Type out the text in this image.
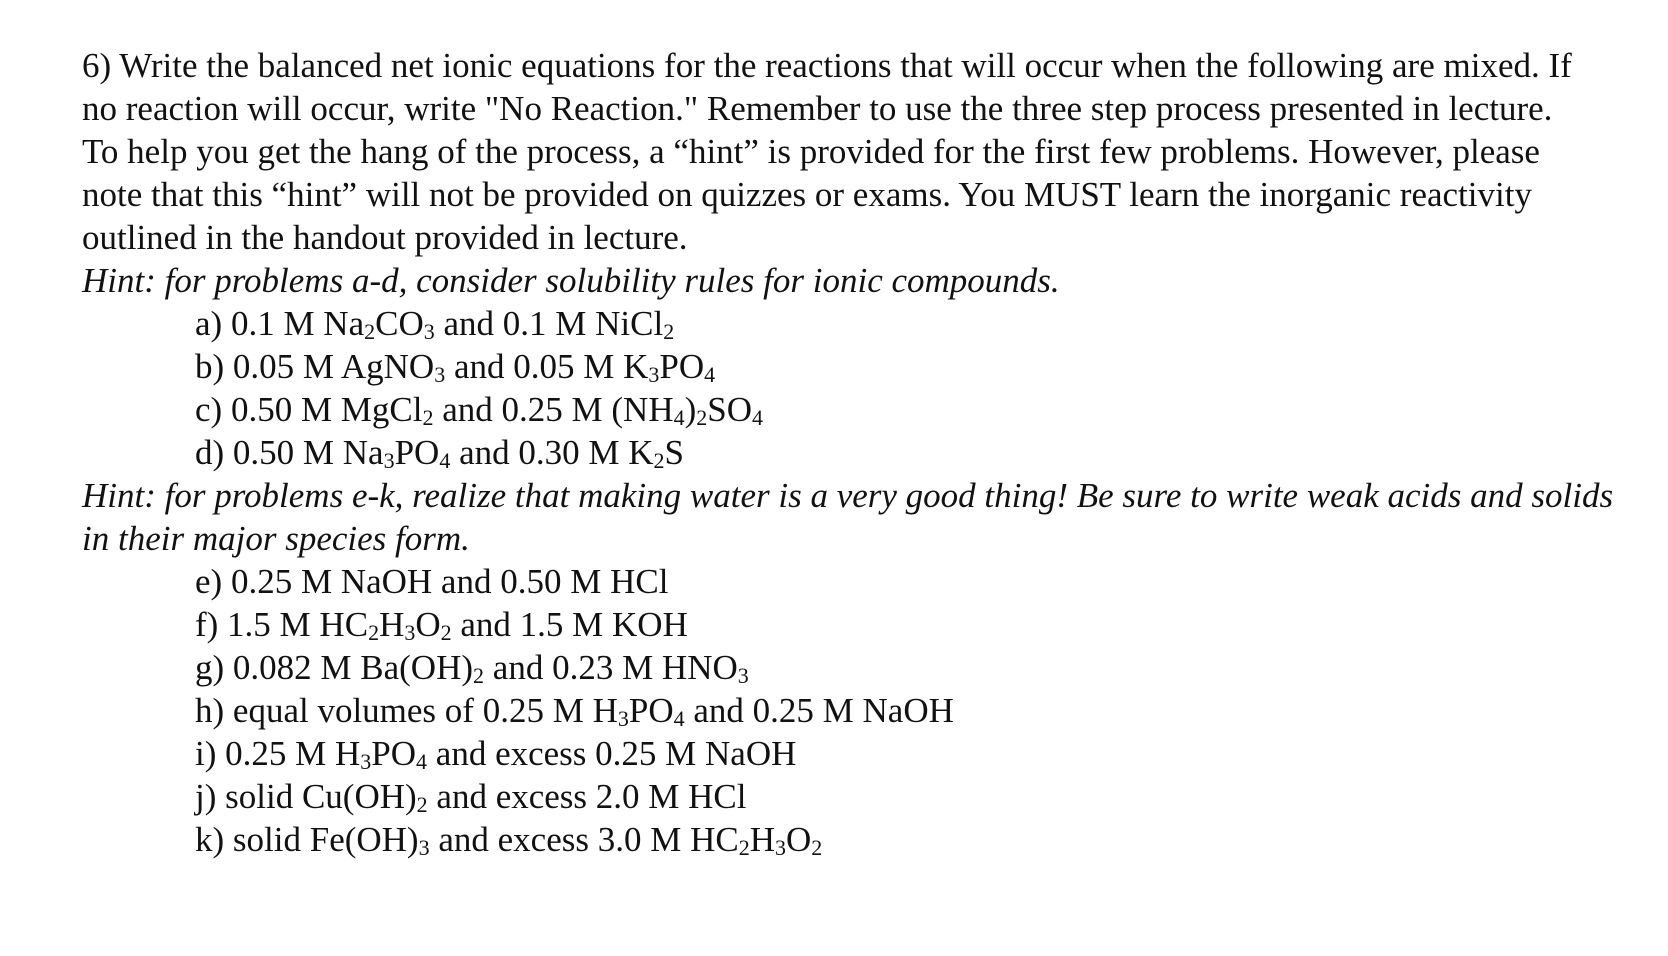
6) Write the balanced net ionic equations for the reactions that will occur when the following are mixed. If no reaction will occur, write "No Reaction." Remember to use the three step process presented in lecture. To help you get the hang of the process, a “hint” is provided for the first few problems. However, please note that this “hint” will not be provided on quizzes or exams. You MUST learn the inorganic reactivity outlined in the handout provided in lecture.

Hint: for problems a-d, consider solubility rules for ionic compounds.

a) 0.1 M $Na_2CO_3$ and 0.1 M NiCl$_2$
b) 0.05 M AgNO$_3$ and 0.05 M $K_3PO_4$
c) 0.50 M MgCl$_2$ and 0.25 M $(NH_4)_2SO_4$
d) 0.50 M $Na_3PO_4$ and 0.30 M $K_2S$

Hint: for problems e-k, realize that making water is a very good thing! Be sure to write weak acids and solids in their major species form.

e) 0.25 M NaOH and 0.50 M HCl
f) 1.5 M $HC_2H_3O_2$ and 1.5 M KOH
g) 0.082 M $Ba(OH)_2$ and 0.23 M $HNO_3$
h) equal volumes of 0.25 M $H_3PO_4$ and 0.25 M NaOH
i) 0.25 M $H_3PO_4$ and excess 0.25 M NaOH
j) solid $Cu(OH)_2$ and excess 2.0 M HCl
k) solid $Fe(OH)_3$ and excess 3.0 M $HC_2H_3O_2$
